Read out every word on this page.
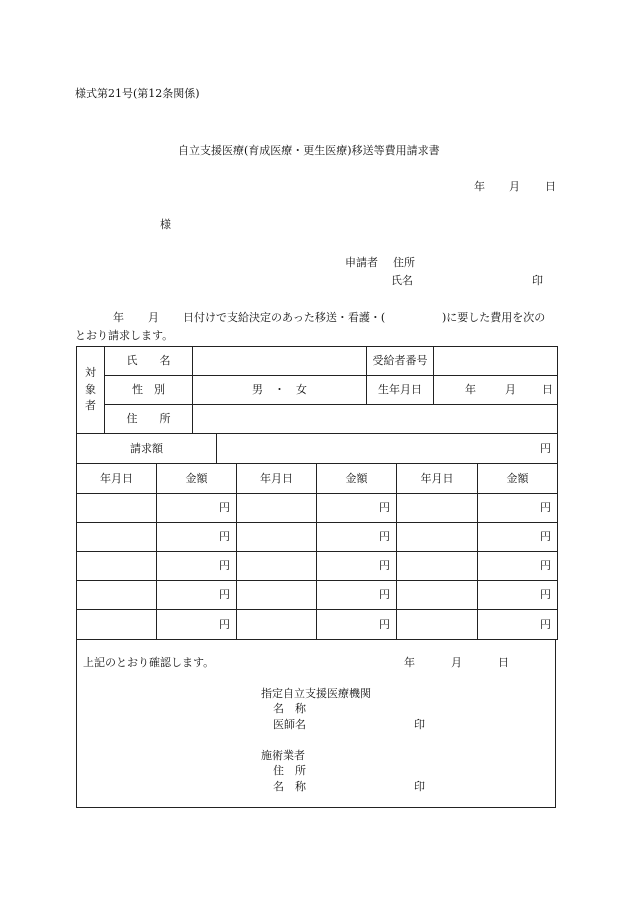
様式第21号(第12条関係)
自立支援医療(育成医療・更生医療)移送等費用請求書
年 月 日
様
申請者 住所
氏名	印
年 月 日付けで支給決定のあった移送・看護・(	)に要した費用を次の
とおり請求します。
対
象
者	氏　　名		受給者番号	
	性　別	男　・　女	生年月日	年 月 日

	住　　所			
請求額	円
年月日	金額	年月日	金額	年月日	金額
	円		円		円
	円		円		円
	円		円		円
	円		円		円
	円		円		円
上記のとおり確認します。	年	月	日
指定自立支援医療機関
名　称
医師名	印
施術業者
住　所
名　称	印
